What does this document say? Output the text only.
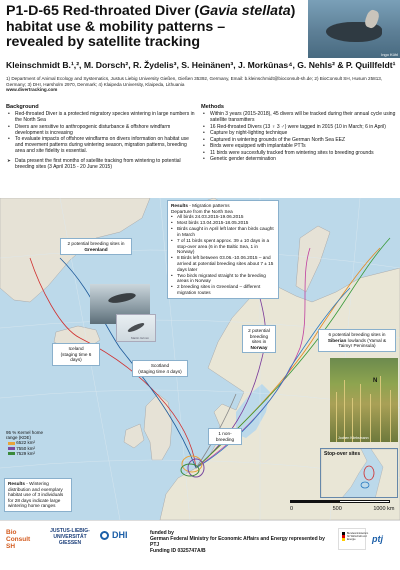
P1-D-65 Red-throated Diver (Gavia stellata)
habitat use & mobility patterns –
revealed by satellite tracking
Ingo Kühl
Kleinschmidt B.¹,², M. Dorsch², R. Žydelis³, S. Heinänen³, J. Morkūnas⁴, G. Nehls² & P. Quillfeldt¹
1) Department of Animal Ecology and Systematics, Justus Liebig University Gießen, Gießen 35392, Germany, Email: b.kleinschmidt@bioconsult-sh.de; 2) BioConsult SH, Husum 25813, Germany; 3) DHI, Hørsholm 2970, Denmark; 4) Klaipeda University, Klaipeda, Lithuania
www.divertracking.com
Background
• Red-throated Diver is a protected migratory species wintering in large numbers in the North Sea
• Divers are sensitive to anthropogenic disturbance & offshore windfarm development is increasing
• To evaluate impacts of offshore windfarms on divers information on habitat use and movement patterns during wintering season, migration patterns, breeding area and site fidelity is essential.
➤ Data present the first months of satellite tracking from wintering to potential breeding sites (3 April 2015 - 20 June 2015)
Methods
• Within 3 years (2015-2018), 45 divers will be tracked during their annual cycle using satellite transmitters
• 16 Red-throated Divers (13 ♀ 3 ♂) were tagged in 2015 (10 in March; 6 in April)
• Capture by night-lighting technique
• Captured in wintering grounds of the German North Sea EEZ
• Birds were equipped with implantable PTTs
• 11 birds were succesfully tracked from wintering sites to breeding grounds
• Genetic gender determination
Results - Migration patterns
Departure from the North Sea
• All birds 24.03.2015-19.06.2015
• Most birds 13.04.2015-18.05.2015
• Birds caught in April left later than birds caught in March
• 7 of 11 birds spent approx. 39 ± 10 days in a stop-over area (6 in the Baltic Sea, 1 in Norway)
• 8 Birds left between 03.06.-10.06.2015 – and arrived at potential breeding sites about 7 ± 15 days later
• Two birds migrated straight to the breeding areas in Norway
• 2 breeding sites in Greenland – different migration routes
2 potential breeding sites in
Greenland
Martin Grimm
Iceland
(staging time 6 days)
Scotland
(staging time 4 days)
2 potential breeding sites in
Norway
6 potential breeding sites in
Siberian lowlands (Yamal & Taimyr Peninsula)
Jochen Kliebsmann
1 non-breeding
95 % Kernel home range (KDE)
6522 km²
7550 km²
7529 km²
Results - Wintering distribution and exemplary habitat use of 3 individuals for 28 days indicate large wintering home ranges
Stop-over sites
N
0	500	1000 km
Bio Consult SH
JUSTUS-LIEBIG-UNIVERSITÄT GIESSEN
DHI	funded by
German Federal Ministry for Economic Affairs and Energy represented by PTJ
Funding ID 0325747A/B
Bundesministerium für Wirtschaft und Energie	ptj
